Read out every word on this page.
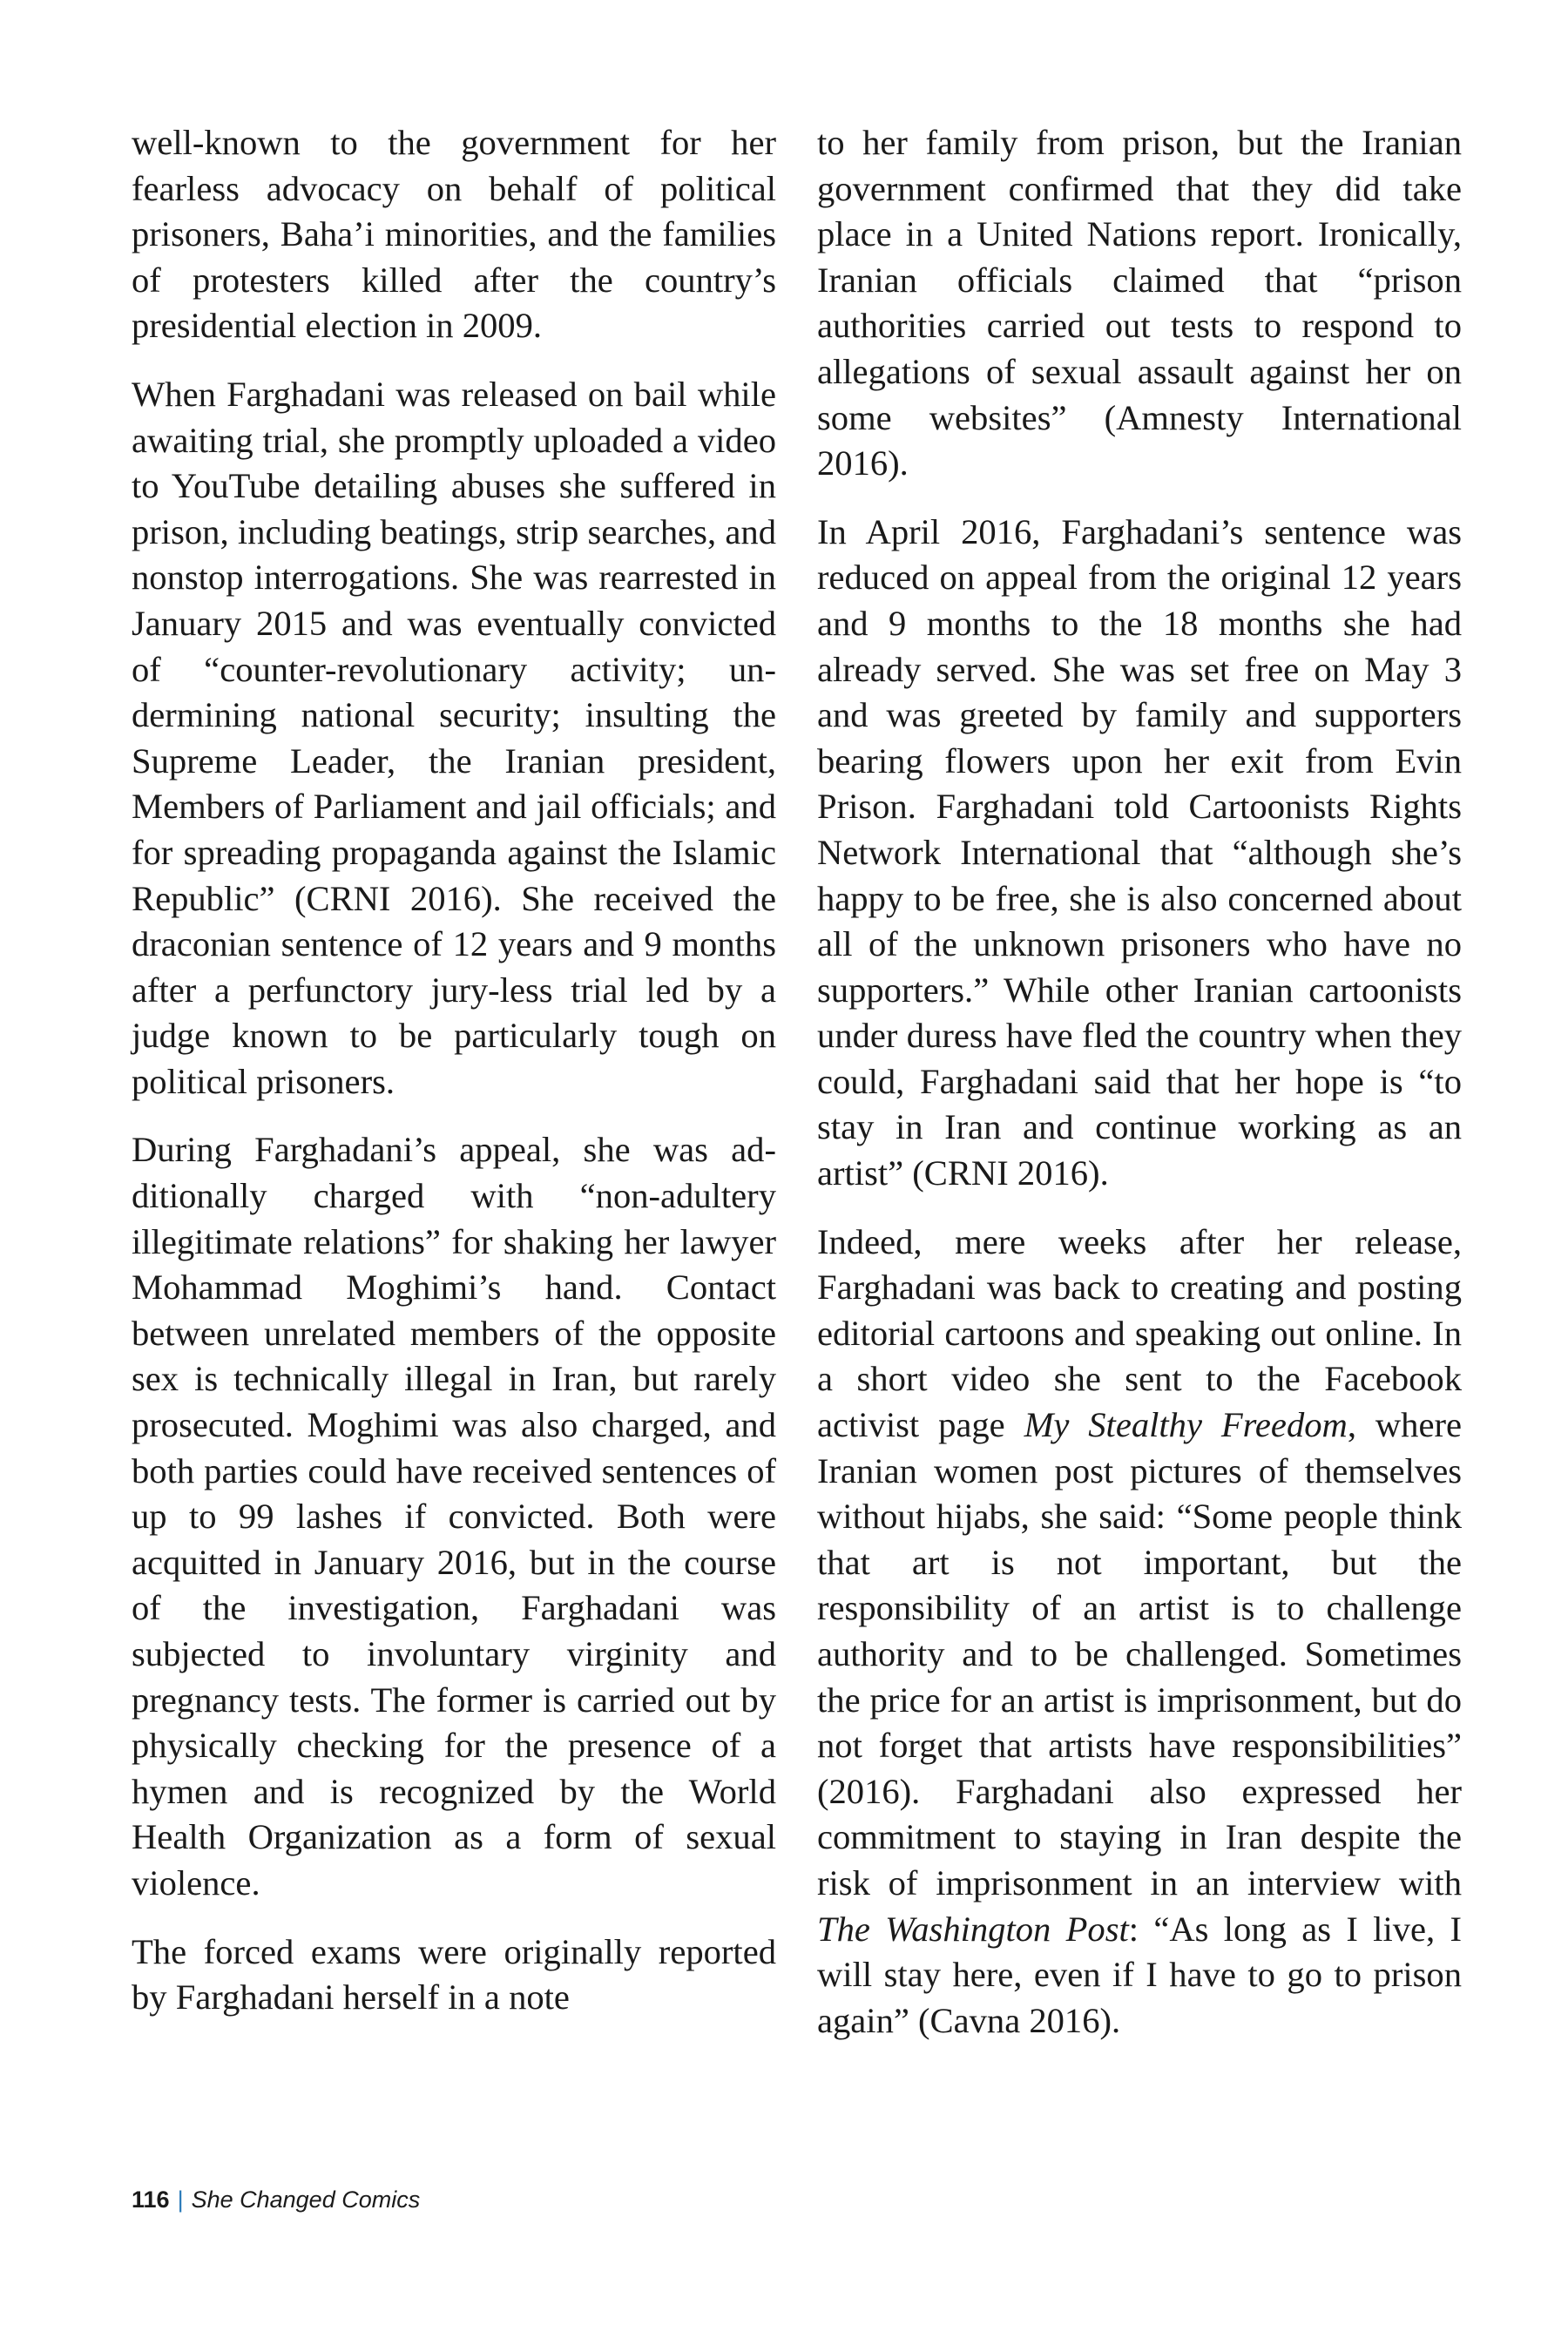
well-known to the government for her fearless advocacy on behalf of political prisoners, Baha’i minorities, and the families of protesters killed after the country’s presidential election in 2009.

When Farghadani was released on bail while awaiting trial, she promptly uploaded a video to YouTube detailing abuses she suffered in prison, including beatings, strip searches, and nonstop interrogations. She was rearrested in January 2015 and was eventually convicted of “counter-revolutionary activity; undermining national security; insulting the Supreme Leader, the Iranian president, Members of Parliament and jail officials; and for spreading propaganda against the Islamic Republic” (CRNI 2016). She received the draconian sentence of 12 years and 9 months after a perfunctory jury-less trial led by a judge known to be particularly tough on political prisoners.

During Farghadani’s appeal, she was additionally charged with “non-adultery illegitimate relations” for shaking her lawyer Mohammad Moghimi’s hand. Contact between unrelated members of the opposite sex is technically illegal in Iran, but rarely prosecuted. Moghimi was also charged, and both parties could have received sentences of up to 99 lashes if convicted. Both were acquitted in January 2016, but in the course of the investigation, Farghadani was subjected to involuntary virginity and pregnancy tests. The former is carried out by physically checking for the presence of a hymen and is recognized by the World Health Organization as a form of sexual violence.

The forced exams were originally reported by Farghadani herself in a note

to her family from prison, but the Iranian government confirmed that they did take place in a United Nations report. Ironically, Iranian officials claimed that “prison authorities carried out tests to respond to allegations of sexual assault against her on some websites” (Amnesty International 2016).

In April 2016, Farghadani’s sentence was reduced on appeal from the original 12 years and 9 months to the 18 months she had already served. She was set free on May 3 and was greeted by family and supporters bearing flowers upon her exit from Evin Prison. Farghadani told Cartoonists Rights Network International that “although she’s happy to be free, she is also concerned about all of the unknown prisoners who have no supporters.” While other Iranian cartoonists under duress have fled the country when they could, Farghadani said that her hope is “to stay in Iran and continue working as an artist” (CRNI 2016).

Indeed, mere weeks after her release, Farghadani was back to creating and posting editorial cartoons and speaking out online. In a short video she sent to the Facebook activist page My Stealthy Freedom, where Iranian women post pictures of themselves without hijabs, she said: “Some people think that art is not important, but the responsibility of an artist is to challenge authority and to be challenged. Sometimes the price for an artist is imprisonment, but do not forget that artists have responsibilities” (2016). Farghadani also expressed her commitment to staying in Iran despite the risk of imprisonment in an interview with The Washington Post: “As long as I live, I will stay here, even if I have to go to prison again” (Cavna 2016).

116 | She Changed Comics
